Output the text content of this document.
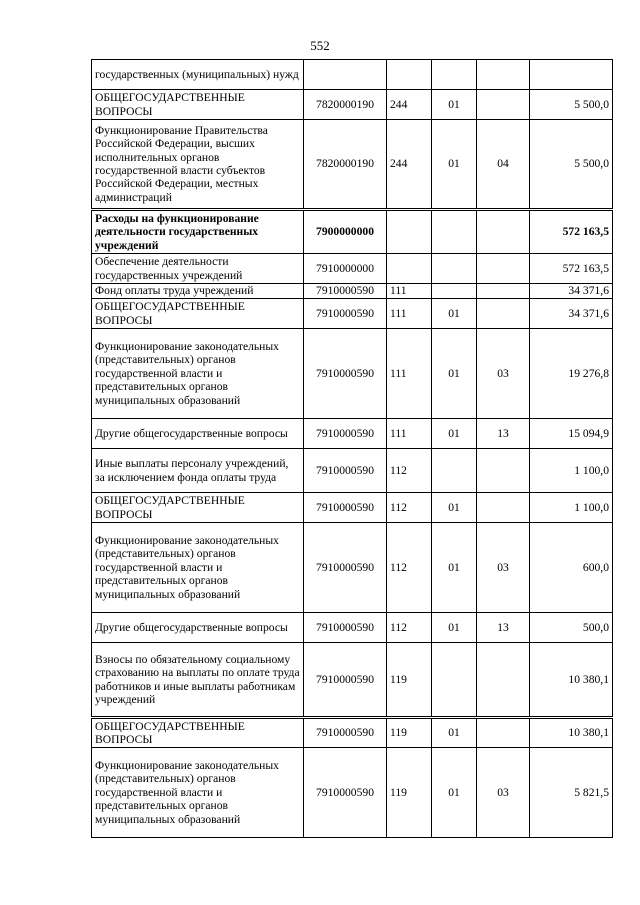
552
государственных (муниципальных) нужд					
ОБЩЕГОСУДАРСТВЕННЫЕ ВОПРОСЫ	7820000190	244	01		5 500,0
Функционирование Правительства Российской Федерации, высших исполнительных органов государственной власти субъектов Российской Федерации, местных администраций	7820000190	244	01	04	5 500,0
Расходы на функционирование деятельности государственных учреждений	7900000000				572 163,5
Обеспечение деятельности государственных учреждений	7910000000				572 163,5
Фонд оплаты труда учреждений	7910000590	111			34 371,6
ОБЩЕГОСУДАРСТВЕННЫЕ ВОПРОСЫ	7910000590	111	01		34 371,6
Функционирование законодательных (представительных) органов государственной власти и представительных органов муниципальных образований	7910000590	111	01	03	19 276,8
Другие общегосударственные вопросы	7910000590	111	01	13	15 094,9
Иные выплаты персоналу учреждений, за исключением фонда оплаты труда	7910000590	112			1 100,0
ОБЩЕГОСУДАРСТВЕННЫЕ ВОПРОСЫ	7910000590	112	01		1 100,0
Функционирование законодательных (представительных) органов государственной власти и представительных органов муниципальных образований	7910000590	112	01	03	600,0
Другие общегосударственные вопросы	7910000590	112	01	13	500,0
Взносы по обязательному социальному страхованию на выплаты по оплате труда работников и иные выплаты работникам учреждений	7910000590	119			10 380,1
ОБЩЕГОСУДАРСТВЕННЫЕ ВОПРОСЫ	7910000590	119	01		10 380,1
Функционирование законодательных (представительных) органов государственной власти и представительных органов муниципальных образований	7910000590	119	01	03	5 821,5
